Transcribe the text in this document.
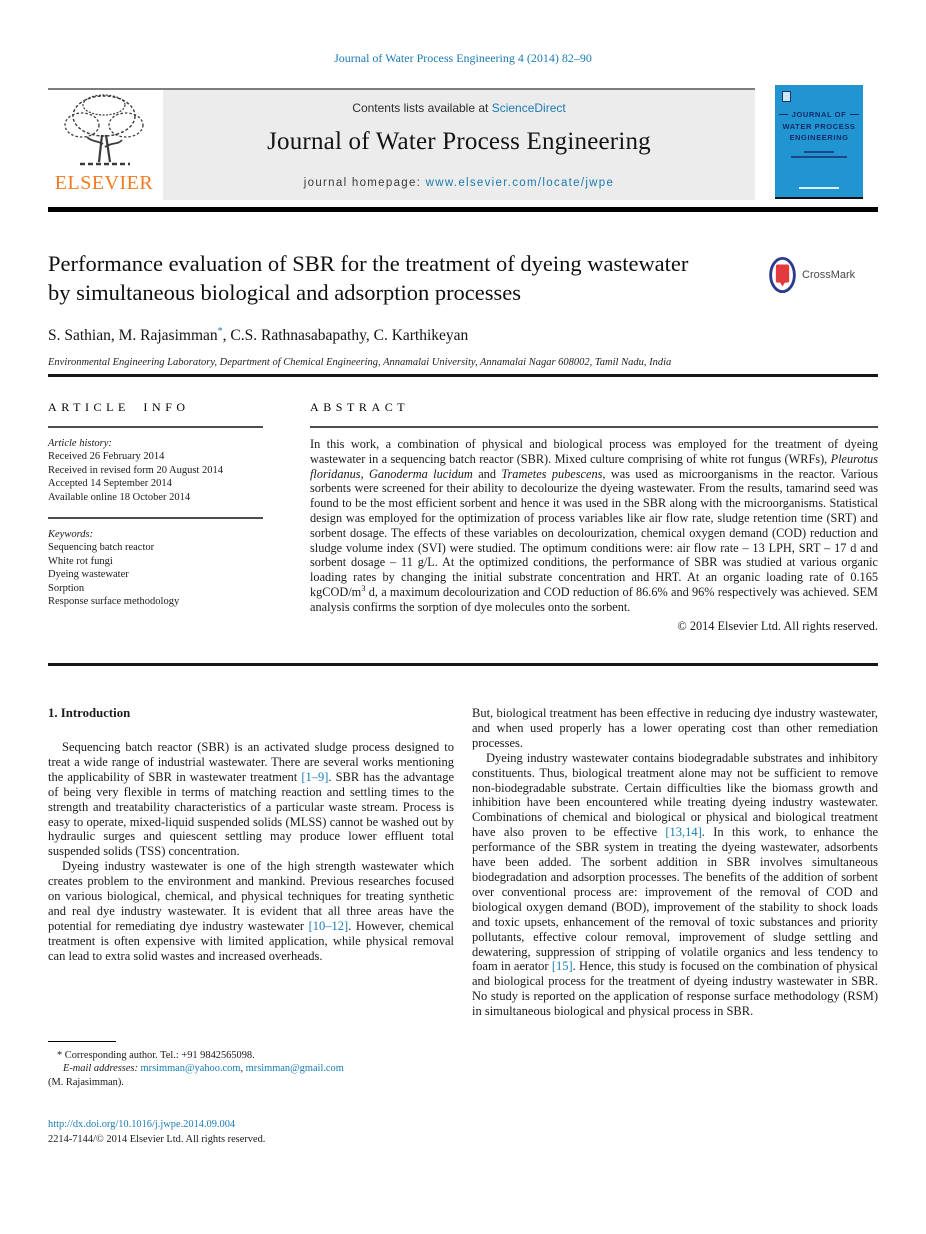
Journal of Water Process Engineering 4 (2014) 82–90
ELSEVIER
Contents lists available at ScienceDirect
Journal of Water Process Engineering
journal homepage: www.elsevier.com/locate/jwpe
JOURNAL OF
WATER PROCESS
ENGINEERING
Performance evaluation of SBR for the treatment of dyeing wastewater by simultaneous biological and adsorption processes
CrossMark
S. Sathian, M. Rajasimman*, C.S. Rathnasabapathy, C. Karthikeyan
Environmental Engineering Laboratory, Department of Chemical Engineering, Annamalai University, Annamalai Nagar 608002, Tamil Nadu, India
ARTICLE INFO
Article history:
Received 26 February 2014
Received in revised form 20 August 2014
Accepted 14 September 2014
Available online 18 October 2014
Keywords:
Sequencing batch reactor
White rot fungi
Dyeing wastewater
Sorption
Response surface methodology
ABSTRACT
In this work, a combination of physical and biological process was employed for the treatment of dyeing wastewater in a sequencing batch reactor (SBR). Mixed culture comprising of white rot fungus (WRFs), Pleurotus floridanus, Ganoderma lucidum and Trametes pubescens, was used as microorganisms in the reactor. Various sorbents were screened for their ability to decolourize the dyeing wastewater. From the results, tamarind seed was found to be the most efficient sorbent and hence it was used in the SBR along with the microorganisms. Statistical design was employed for the optimization of process variables like air flow rate, sludge retention time (SRT) and sorbent dosage. The effects of these variables on decolourization, chemical oxygen demand (COD) reduction and sludge volume index (SVI) were studied. The optimum conditions were: air flow rate – 13 LPH, SRT – 17 d and sorbent dosage – 11 g/L. At the optimized conditions, the performance of SBR was studied at various organic loading rates by changing the initial substrate concentration and HRT. At an organic loading rate of 0.165 kgCOD/$m^3$ d, a maximum decolourization and COD reduction of 86.6% and 96% respectively was achieved. SEM analysis confirms the sorption of dye molecules onto the sorbent.
© 2014 Elsevier Ltd. All rights reserved.
1. Introduction

Sequencing batch reactor (SBR) is an activated sludge process designed to treat a wide range of industrial wastewater. There are several works mentioning the applicability of SBR in wastewater treatment [1–9]. SBR has the advantage of being very flexible in terms of matching reaction and settling times to the strength and treatability characteristics of a particular waste stream. Process is easy to operate, mixed-liquid suspended solids (MLSS) cannot be washed out by hydraulic surges and quiescent settling may produce lower effluent total suspended solids (TSS) concentration.

Dyeing industry wastewater is one of the high strength wastewater which creates problem to the environment and mankind. Previous researches focused on various biological, chemical, and physical techniques for treating synthetic and real dye industry wastewater. It is evident that all three areas have the potential for remediating dye industry wastewater [10–12]. However, chemical treatment is often expensive with limited application, while physical removal can lead to extra solid wastes and increased overheads.

But, biological treatment has been effective in reducing dye industry wastewater, and when used properly has a lower operating cost than other remediation processes.

Dyeing industry wastewater contains biodegradable substrates and inhibitory constituents. Thus, biological treatment alone may not be sufficient to remove non-biodegradable substrate. Certain difficulties like the biomass growth and inhibition have been encountered while treating dyeing industry wastewater. Combinations of chemical and biological or physical and biological treatment have also proven to be effective [13,14]. In this work, to enhance the performance of the SBR system in treating the dyeing wastewater, adsorbents have been added. The sorbent addition in SBR involves simultaneous biodegradation and adsorption processes. The benefits of the addition of sorbent over conventional process are: improvement of the removal of COD and biological oxygen demand (BOD), improvement of the stability to shock loads and toxic upsets, enhancement of the removal of toxic substances and priority pollutants, effective colour removal, improvement of sludge settling and dewatering, suppression of stripping of volatile organics and less tendency to foam in aerator [15]. Hence, this study is focused on the combination of physical and biological process for the treatment of dyeing industry wastewater in SBR. No study is reported on the application of response surface methodology (RSM) in simultaneous biological and physical process in SBR.

* Corresponding author. Tel.: +91 9842565098.
E-mail addresses: mrsimman@yahoo.com, mrsimman@gmail.com
(M. Rajasimman).
http://dx.doi.org/10.1016/j.jwpe.2014.09.004
2214-7144/© 2014 Elsevier Ltd. All rights reserved.
